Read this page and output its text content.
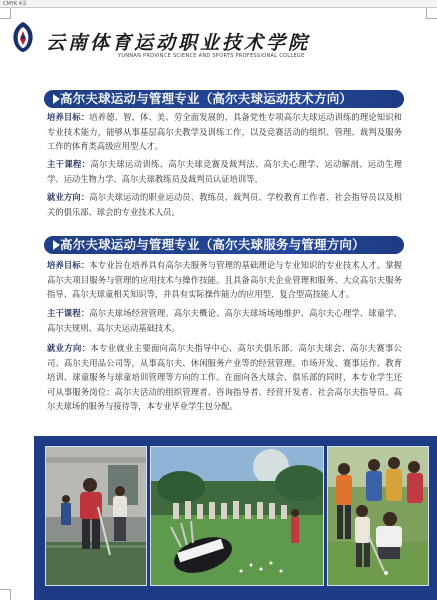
CMYK 4页
云南体育运动职业技术学院
YUNNAN PROVINCE SCIENCE AND SPORTS PROFESSIONAL COLLEGE
高尔夫球运动与管理专业（高尔夫球运动技术方向）
培养目标：培养德、智、体、美、劳全面发展的、具备党性专项高尔夫球运动训练的理论知识和专业技术能力，能够从事基层高尔夫教学及训练工作，以及竞赛活动的组织、管理、裁判及服务工作的体育类高级应用型人才。
主干课程：高尔夫球运动训练、高尔夫球竞赛及裁判法、高尔夫心理学、运动解剖、运动生理学、运动生物力学、高尔夫球教练员及裁判员认证培训等。
就业方向：高尔夫球运动的职业运动员、教练员、裁判员、学校教育工作者、社会指导员以及相关的俱乐部、球会的专业技术人员。
高尔夫球运动与管理专业（高尔夫球服务与管理方向）
培养目标：本专业旨在培养具有高尔夫服务与管理的基础理论与专业知识的专业技术人才。掌握高尔夫项目服务与管理的应用技术与操作技能。且具备高尔夫企业管理和服务、大众高尔夫服务指导、高尔夫球童相关知识等，并具有实际操作能力的应用型、复合型高技能人才。
主干课程：高尔夫球场经营管理、高尔夫概论、高尔夫球场场地维护、高尔夫心理学、球童学、高尔夫规则、高尔夫运动基础技术。
就业方向：本专业就业主要面向高尔夫指导中心、高尔夫俱乐部、高尔夫球会、高尔夫赛事公司、高尔夫用品公司等，从事高尔夫、休闲服务产业等的经营管理、市场开发、赛事运作、教育培训、球童服务与球童培训管理等方向的工作。在面向各大球会、俱乐部的同时，本专业学生还可从事服务岗位：高尔夫活动的组织管理者、咨询指导者、经营开发者、社会高尔夫指导员、高尔夫球场的服务与接待等，本专业毕业学生包分配。
